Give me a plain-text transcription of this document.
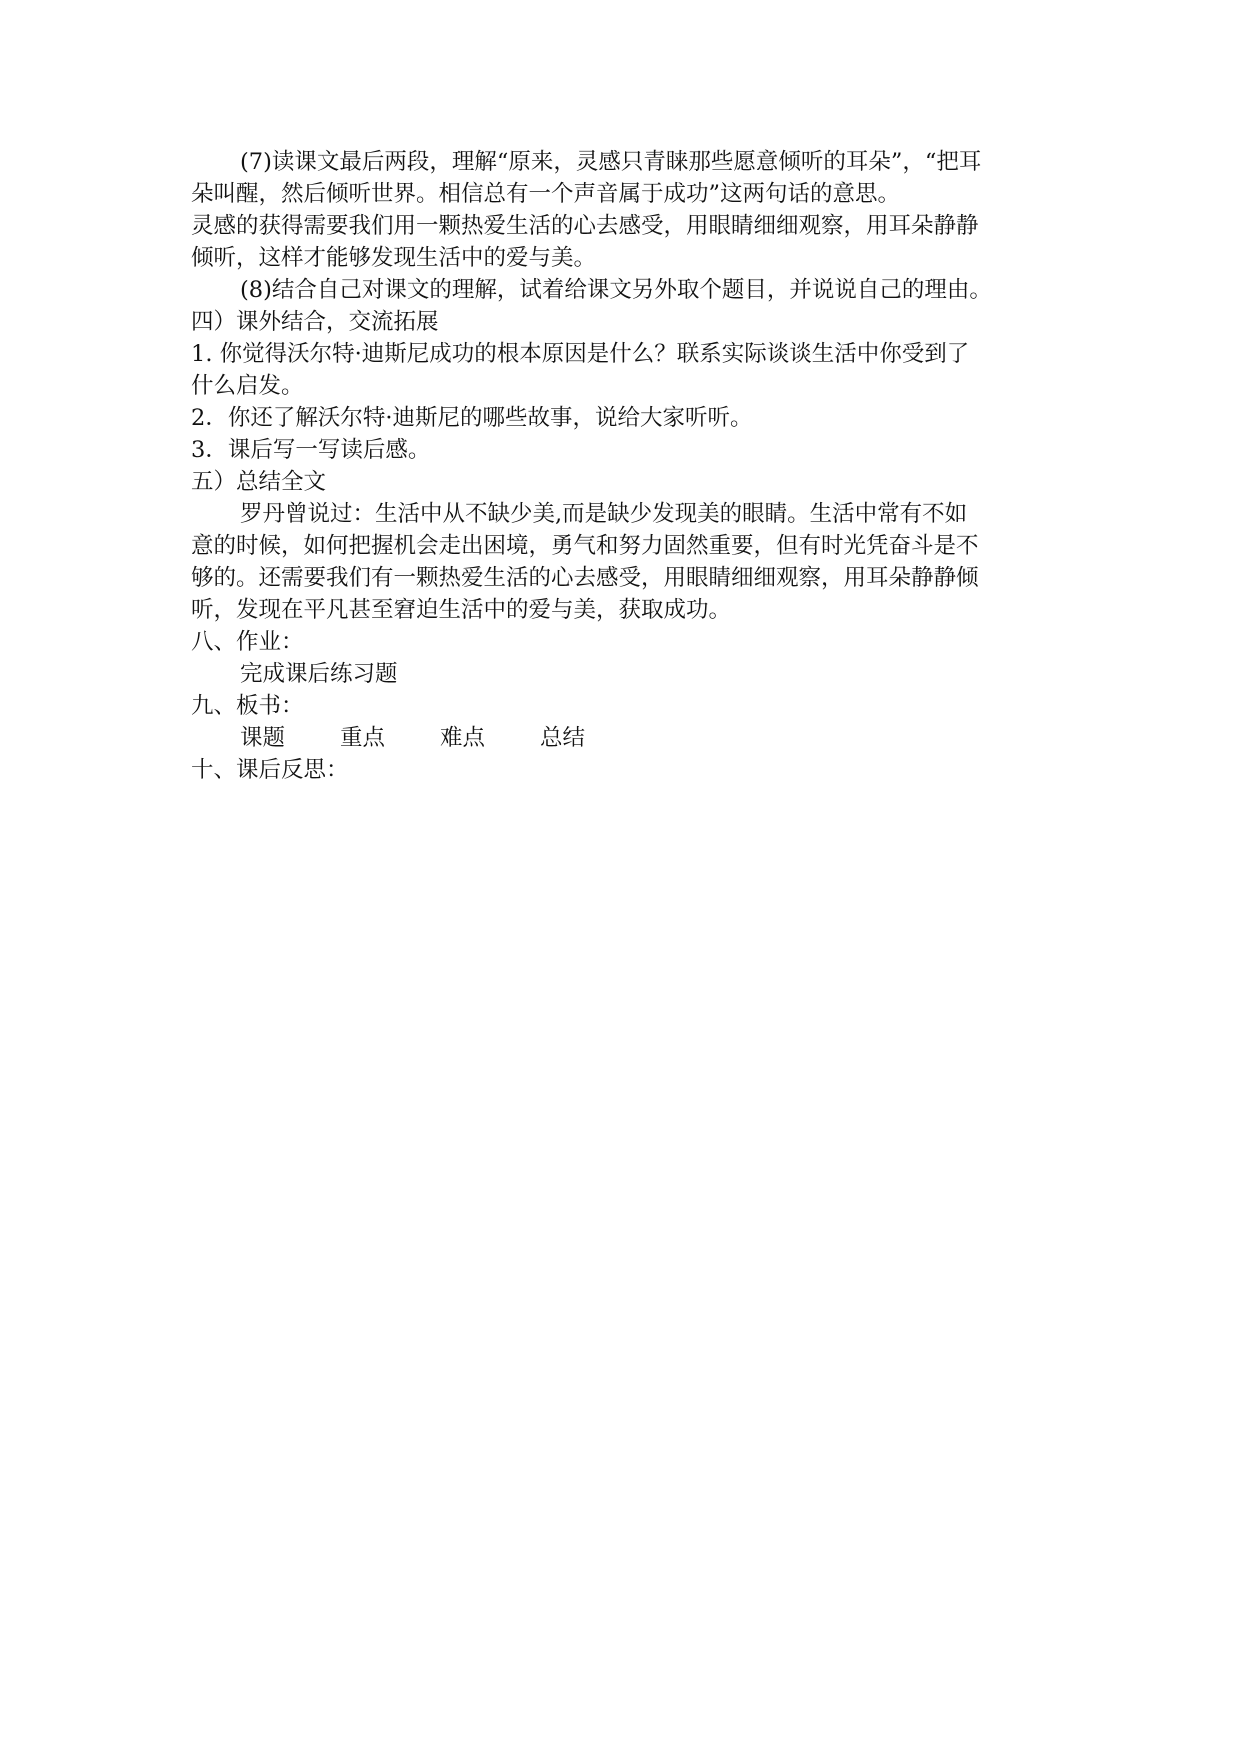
(7)读课文最后两段，理解“原来，灵感只青睐那些愿意倾听的耳朵”，“把耳
朵叫醒，然后倾听世界。相信总有一个声音属于成功”这两句话的意思。
灵感的获得需要我们用一颗热爱生活的心去感受，用眼睛细细观察，用耳朵静静
倾听，这样才能够发现生活中的爱与美。
(8)结合自己对课文的理解，试着给课文另外取个题目，并说说自己的理由。
四）课外结合，交流拓展
1. 你觉得沃尔特·迪斯尼成功的根本原因是什么？联系实际谈谈生活中你受到了
什么启发。
2．你还了解沃尔特·迪斯尼的哪些故事，说给大家听听。
3．课后写一写读后感。
五）总结全文
罗丹曾说过：生活中从不缺少美,而是缺少发现美的眼睛。生活中常有不如
意的时候，如何把握机会走出困境，勇气和努力固然重要，但有时光凭奋斗是不
够的。还需要我们有一颗热爱生活的心去感受，用眼睛细细观察，用耳朵静静倾
听，发现在平凡甚至窘迫生活中的爱与美，获取成功。
八、作业：
完成课后练习题
九、板书：
课题	重点	难点	总结
十、课后反思：
